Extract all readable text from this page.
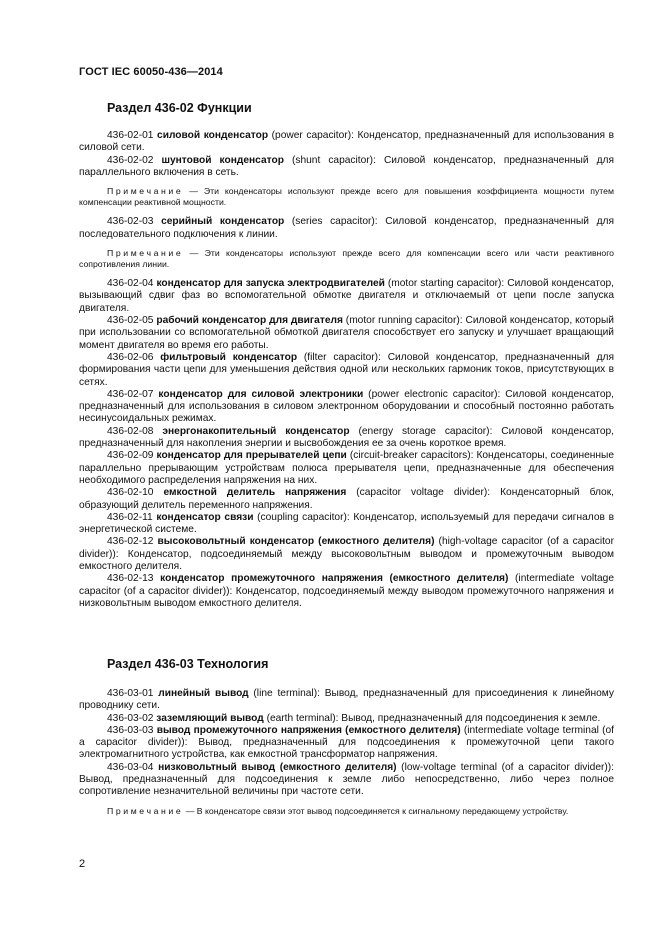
ГОСТ IEC 60050-436—2014
Раздел 436-02 Функции

436-02-01 силовой конденсатор (power capacitor): Конденсатор, предназначенный для использования в силовой сети.

436-02-02 шунтовой конденсатор (shunt capacitor): Силовой конденсатор, предназначенный для параллельного включения в сеть.

Примечание — Эти конденсаторы используют прежде всего для повышения коэффициента мощности путем компенсации реактивной мощности.

436-02-03 серийный конденсатор (series capacitor): Силовой конденсатор, предназначенный для последовательного подключения к линии.

Примечание — Эти конденсаторы используют прежде всего для компенсации всего или части реактивного сопротивления линии.

436-02-04 конденсатор для запуска электродвигателей (motor starting capacitor): Силовой конденсатор, вызывающий сдвиг фаз во вспомогательной обмотке двигателя и отключаемый от цепи после запуска двигателя.

436-02-05 рабочий конденсатор для двигателя (motor running capacitor): Силовой конденсатор, который при использовании со вспомогательной обмоткой двигателя способствует его запуску и улучшает вращающий момент двигателя во время его работы.

436-02-06 фильтровый конденсатор (filter capacitor): Силовой конденсатор, предназначенный для формирования части цепи для уменьшения действия одной или нескольких гармоник токов, присутствующих в сетях.

436-02-07 конденсатор для силовой электроники (power electronic capacitor): Силовой конденсатор, предназначенный для использования в силовом электронном оборудовании и способный постоянно работать несинусоидальных режимах.

436-02-08 энергонакопительный конденсатор (energy storage capacitor): Силовой конденсатор, предназначенный для накопления энергии и высвобождения ее за очень короткое время.

436-02-09 конденсатор для прерывателей цепи (circuit-breaker capacitors): Конденсаторы, соединенные параллельно прерывающим устройствам полюса прерывателя цепи, предназначенные для обеспечения необходимого распределения напряжения на них.

436-02-10 емкостной делитель напряжения (capacitor voltage divider): Конденсаторный блок, образующий делитель переменного напряжения.

436-02-11 конденсатор связи (coupling capacitor): Конденсатор, используемый для передачи сигналов в энергетической системе.

436-02-12 высоковольтный конденсатор (емкостного делителя) (high-voltage capacitor (of a capacitor divider)): Конденсатор, подсоединяемый между высоковольтным выводом и промежуточным выводом емкостного делителя.

436-02-13 конденсатор промежуточного напряжения (емкостного делителя) (intermediate voltage capacitor (of a capacitor divider)): Конденсатор, подсоединяемый между выводом промежуточного напряжения и низковольтным выводом емкостного делителя.

Раздел 436-03 Технология

436-03-01 линейный вывод (line terminal): Вывод, предназначенный для присоединения к линейному проводнику сети.

436-03-02 заземляющий вывод (earth terminal): Вывод, предназначенный для подсоединения к земле.

436-03-03 вывод промежуточного напряжения (емкостного делителя) (intermediate voltage terminal (of a capacitor divider)): Вывод, предназначенный для подсоединения к промежуточной цепи такого электромагнитного устройства, как емкостной трансформатор напряжения.

436-03-04 низковольтный вывод (емкостного делителя) (low-voltage terminal (of a capacitor divider)): Вывод, предназначенный для подсоединения к земле либо непосредственно, либо через полное сопротивление незначительной величины при частоте сети.

Примечание — В конденсаторе связи этот вывод подсоединяется к сигнальному передающему устройству.

2
